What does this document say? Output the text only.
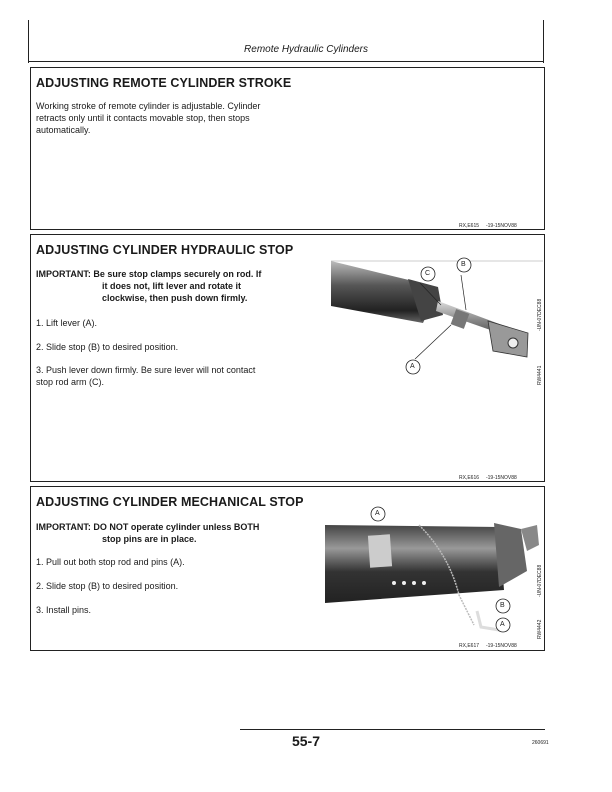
Remote Hydraulic Cylinders
ADJUSTING REMOTE CYLINDER STROKE
Working stroke of remote cylinder is adjustable. Cylinder
retracts only until it contacts movable stop, then stops
automatically.
RX,E615 -19-15NOV88
ADJUSTING CYLINDER HYDRAULIC STOP
IMPORTANT: Be sure stop clamps securely on rod. If
it does not, lift lever and rotate it
clockwise, then push down firmly.
1. Lift lever (A).
2. Slide stop (B) to desired position.
3. Push lever down firmly. Be sure lever will not contact
stop rod arm (C).
C
B
A	RW4441
-UN-07DEC88
RX,E616 -19-15NOV88
ADJUSTING CYLINDER MECHANICAL STOP
IMPORTANT: DO NOT operate cylinder unless BOTH
stop pins are in place.
1. Pull out both stop rod and pins (A).
2. Slide stop (B) to desired position.
3. Install pins.
A
B
A	RW4442
-UN-07DEC88
RX,E617 -19-15NOV88
55-7	260691
